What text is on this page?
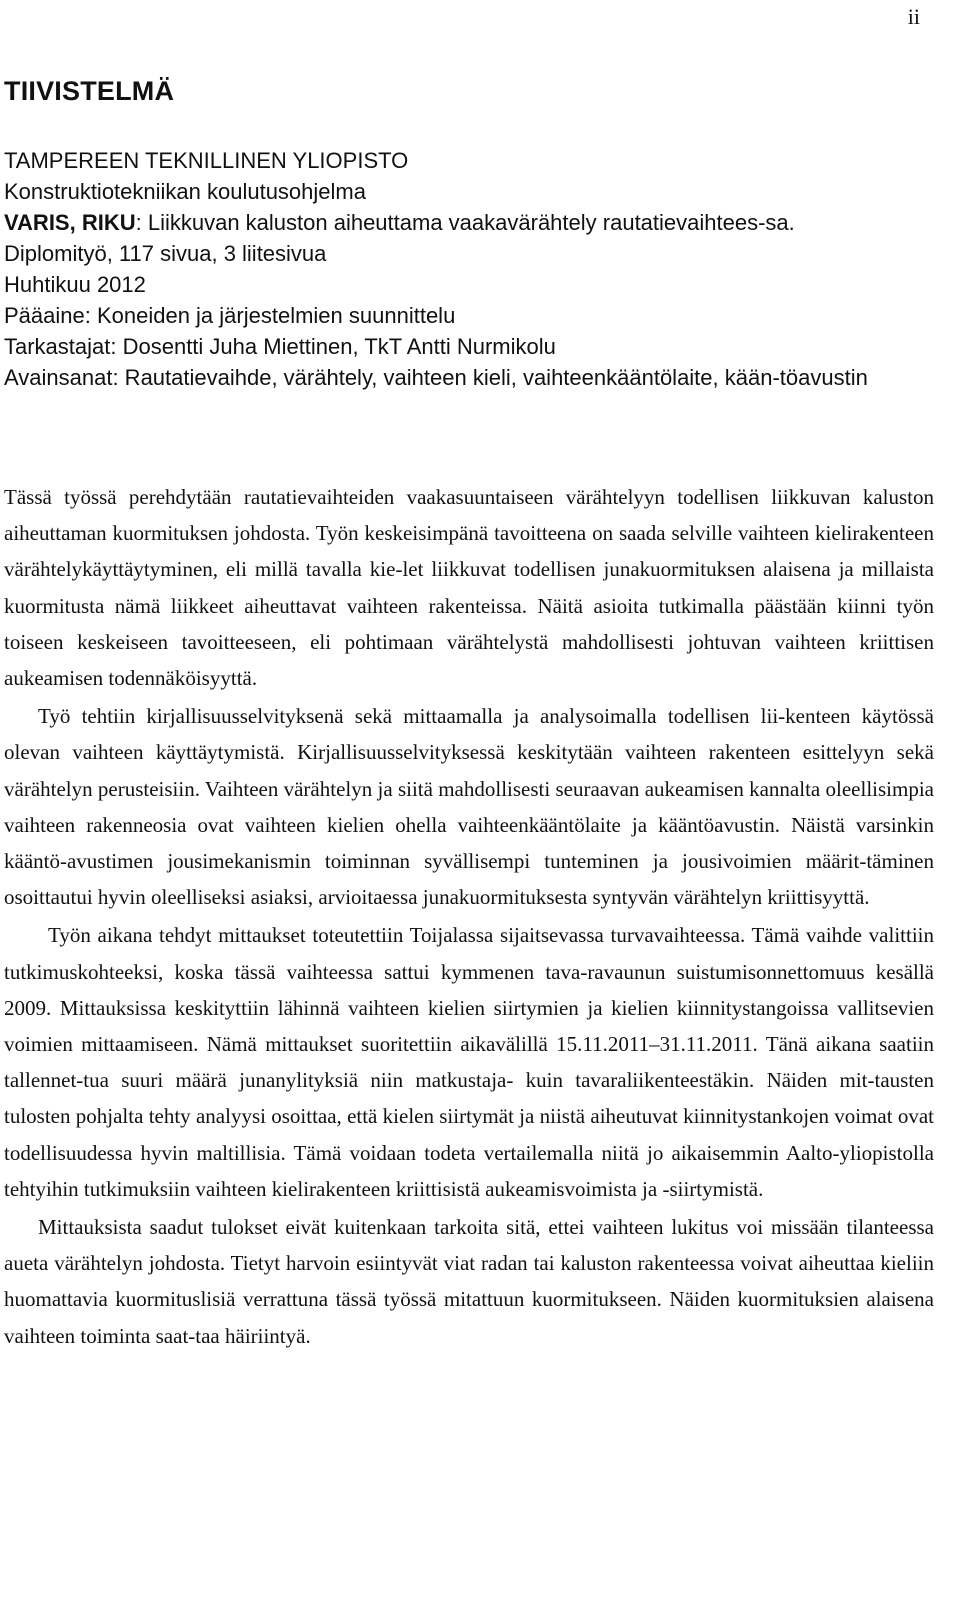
ii
TIIVISTELMÄ
TAMPEREEN TEKNILLINEN YLIOPISTO
Konstruktiotekniikan koulutusohjelma
VARIS, RIKU: Liikkuvan kaluston aiheuttama vaakavärähtely rautatievaihtees-sa.
Diplomityö, 117 sivua, 3 liitesivua
Huhtikuu 2012
Pääaine: Koneiden ja järjestelmien suunnittelu
Tarkastajat: Dosentti Juha Miettinen, TkT Antti Nurmikolu
Avainsanat: Rautatievaihde, värähtely, vaihteen kieli, vaihteenkääntölaite, kään-töavustin

Tässä työssä perehdytään rautatievaihteiden vaakasuuntaiseen värähtelyyn todellisen liikkuvan kaluston aiheuttaman kuormituksen johdosta. Työn keskeisimpänä tavoitteena on saada selville vaihteen kielirakenteen värähtelykäyttäytyminen, eli millä tavalla kie-let liikkuvat todellisen junakuormituksen alaisena ja millaista kuormitusta nämä liikkeet aiheuttavat vaihteen rakenteissa. Näitä asioita tutkimalla päästään kiinni työn toiseen keskeiseen tavoitteeseen, eli pohtimaan värähtelystä mahdollisesti johtuvan vaihteen kriittisen aukeamisen todennäköisyyttä.

Työ tehtiin kirjallisuusselvityksenä sekä mittaamalla ja analysoimalla todellisen lii-kenteen käytössä olevan vaihteen käyttäytymistä. Kirjallisuusselvityksessä keskitytään vaihteen rakenteen esittelyyn sekä värähtelyn perusteisiin. Vaihteen värähtelyn ja siitä mahdollisesti seuraavan aukeamisen kannalta oleellisimpia vaihteen rakenneosia ovat vaihteen kielien ohella vaihteenkääntölaite ja kääntöavustin. Näistä varsinkin kääntö-avustimen jousimekanismin toiminnan syvällisempi tunteminen ja jousivoimien määrit-täminen osoittautui hyvin oleelliseksi asiaksi, arvioitaessa junakuormituksesta syntyvän värähtelyn kriittisyyttä.

Työn aikana tehdyt mittaukset toteutettiin Toijalassa sijaitsevassa turvavaihteessa. Tämä vaihde valittiin tutkimuskohteeksi, koska tässä vaihteessa sattui kymmenen tava-ravaunun suistumisonnettomuus kesällä 2009. Mittauksissa keskityttiin lähinnä vaihteen kielien siirtymien ja kielien kiinnitystangoissa vallitsevien voimien mittaamiseen. Nämä mittaukset suoritettiin aikavälillä 15.11.2011–31.11.2011. Tänä aikana saatiin tallennet-tua suuri määrä junanylityksiä niin matkustaja- kuin tavaraliikenteestäkin. Näiden mit-tausten tulosten pohjalta tehty analyysi osoittaa, että kielen siirtymät ja niistä aiheutuvat kiinnitystankojen voimat ovat todellisuudessa hyvin maltillisia. Tämä voidaan todeta vertailemalla niitä jo aikaisemmin Aalto-yliopistolla tehtyihin tutkimuksiin vaihteen kielirakenteen kriittisistä aukeamisvoimista ja -siirtymistä.

Mittauksista saadut tulokset eivät kuitenkaan tarkoita sitä, ettei vaihteen lukitus voi missään tilanteessa aueta värähtelyn johdosta. Tietyt harvoin esiintyvät viat radan tai kaluston rakenteessa voivat aiheuttaa kieliin huomattavia kuormituslisiä verrattuna tässä työssä mitattuun kuormitukseen. Näiden kuormituksien alaisena vaihteen toiminta saat-taa häiriintyä.
